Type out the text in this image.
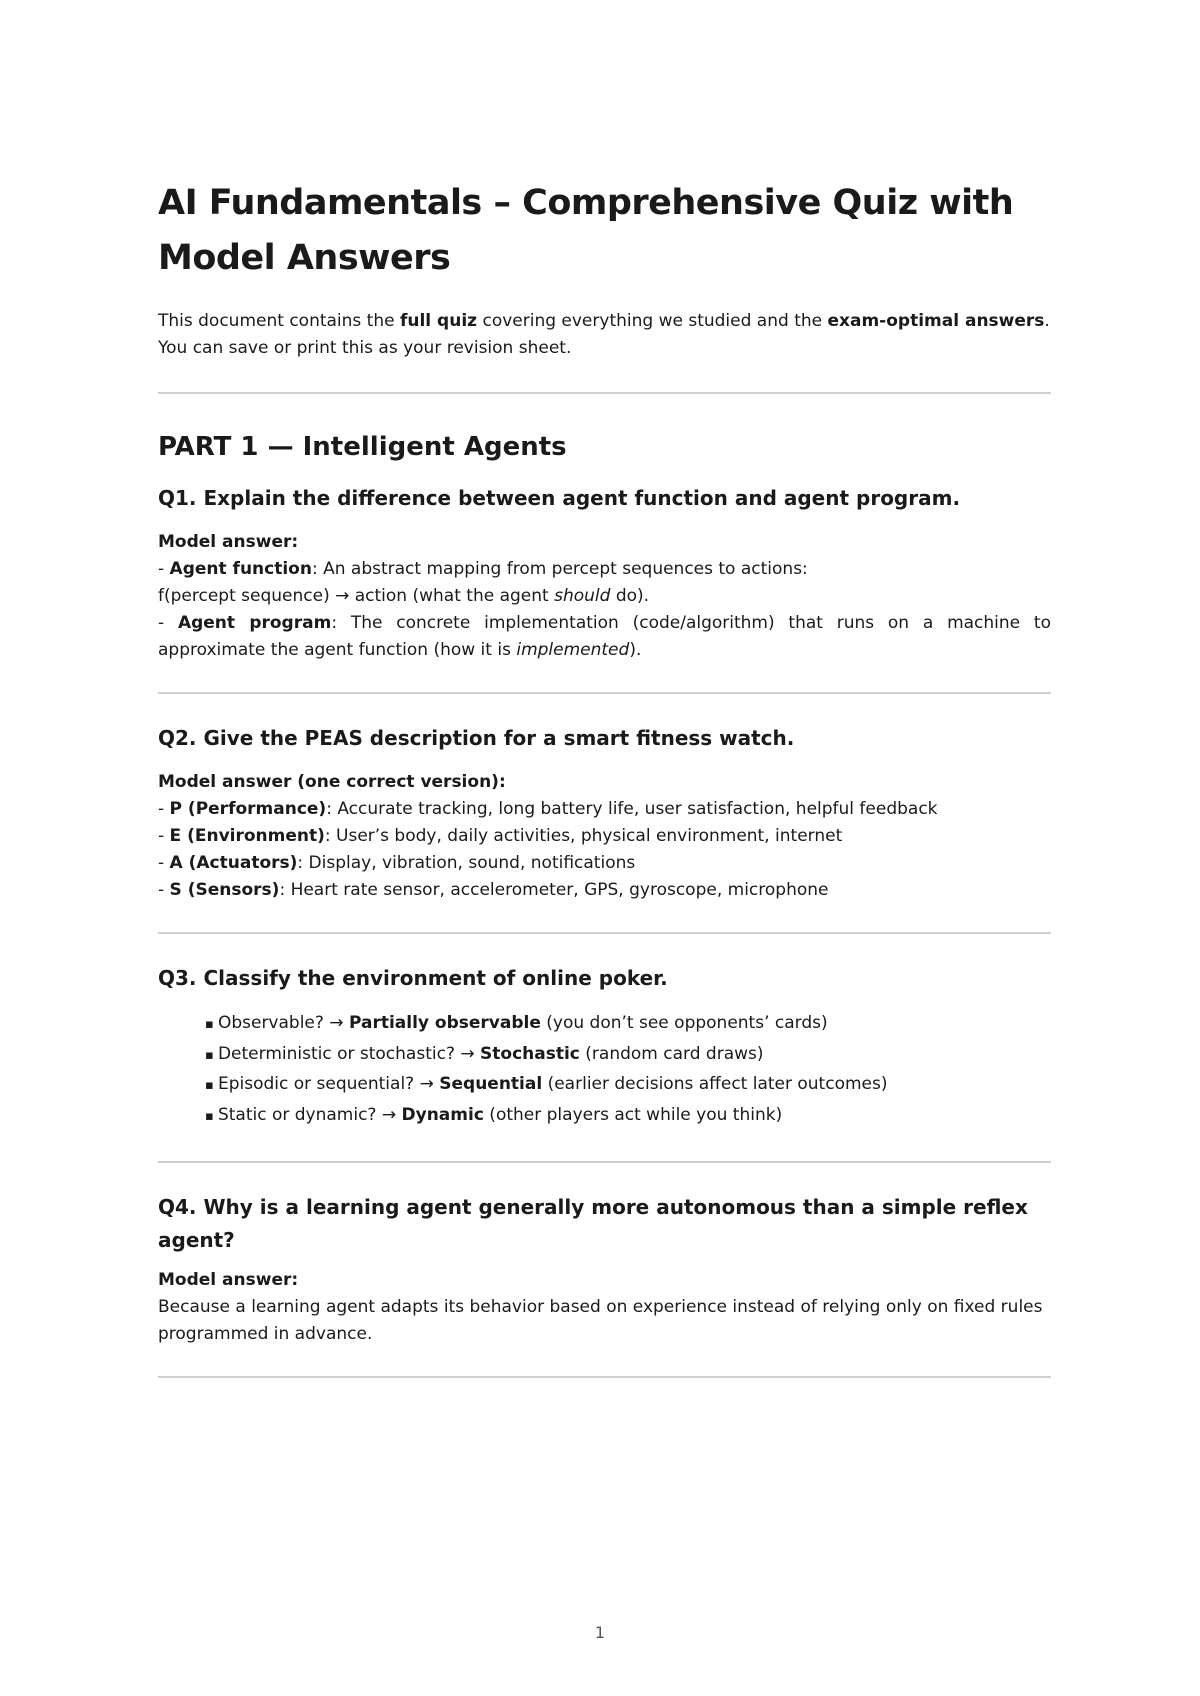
AI Fundamentals – Comprehensive Quiz with Model Answers

This document contains the full quiz covering everything we studied and the exam-optimal answers. You can save or print this as your revision sheet.

PART 1 — Intelligent Agents
Q1. Explain the difference between agent function and agent program.

Model answer:

- Agent function: An abstract mapping from percept sequences to actions:

f(percept sequence) → action (what the agent should do).

- Agent program: The concrete implementation (code/algorithm) that runs on a machine to approximate the agent function (how it is implemented).

Q2. Give the PEAS description for a smart fitness watch.

Model answer (one correct version):

- P (Performance): Accurate tracking, long battery life, user satisfaction, helpful feedback

- E (Environment): User’s body, daily activities, physical environment, internet

- A (Actuators): Display, vibration, sound, notifications

- S (Sensors): Heart rate sensor, accelerometer, GPS, gyroscope, microphone

Q3. Classify the environment of online poker.
▪ Observable? → Partially observable (you don’t see opponents’ cards)
▪ Deterministic or stochastic? → Stochastic (random card draws)
▪ Episodic or sequential? → Sequential (earlier decisions affect later outcomes)
▪ Static or dynamic? → Dynamic (other players act while you think)
Q4. Why is a learning agent generally more autonomous than a simple reflex agent?

Model answer:

Because a learning agent adapts its behavior based on experience instead of relying only on fixed rules programmed in advance.

1
